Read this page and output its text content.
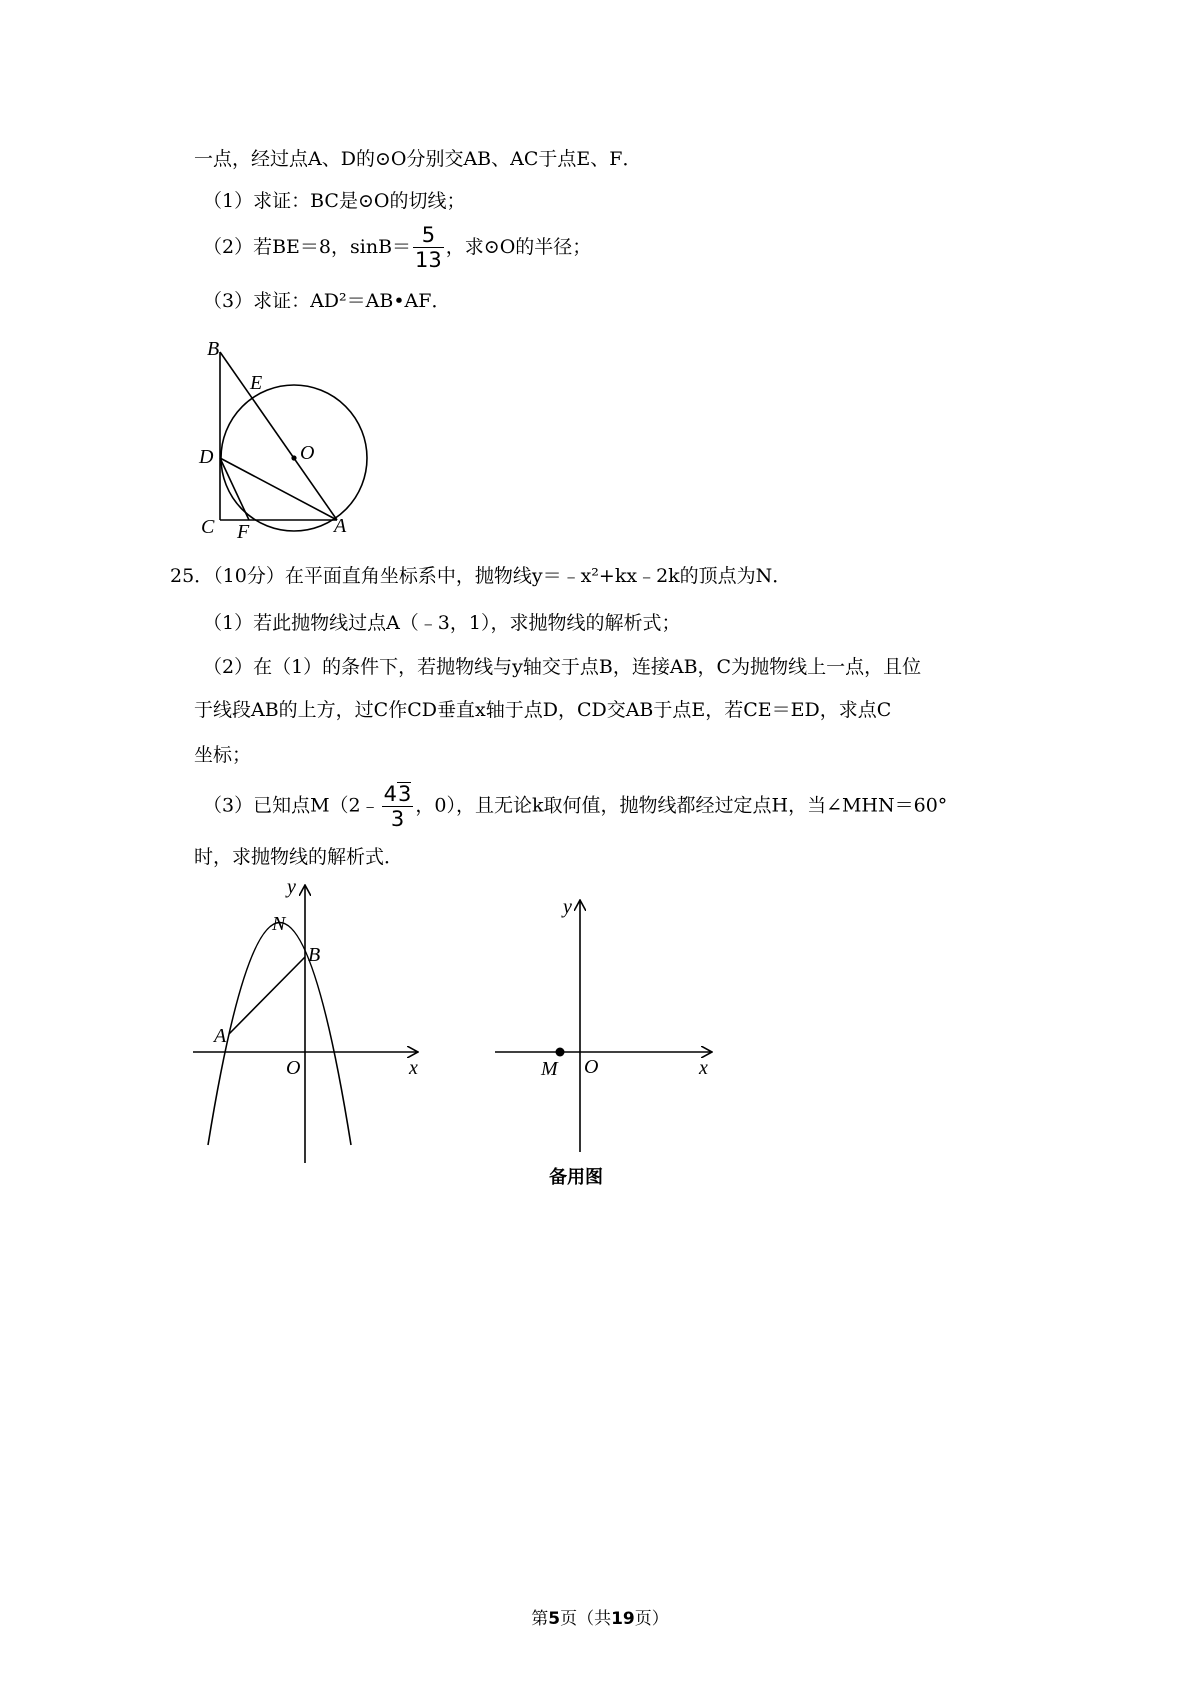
一点，经过点A、D的⊙O分别交AB、AC于点E、F．
（1）求证：BC是⊙O的切线；
（2）若BE＝8，$\sin B= \frac{5}{13}$ ，求⊙O的半径；
（3）求证：AD²＝AB•AF．
B
E
O
D
C F	A
25．（10分）在平面直角坐标系中，抛物线y＝﹣x²+kx﹣2k的顶点为N．
（1）若此抛物线过点A（﹣3，1），求抛物线的解析式；
（2）在（1）的条件下，若抛物线与y轴交于点B，连接AB，C为抛物线上一点，且位
于线段AB的上方，过C作CD垂直x轴于点D，CD交AB于点E，若CE＝ED，求点C
坐标；
（3）已知点M（2﹣ $\frac{43}{3}$ ，0），且无论k取何值，抛物线都经过定点H，当∠MHN＝60°
时，求抛物线的解析式．
y
N
B
A
O	x
y
M O	x
备用图
第5页（共19页）
